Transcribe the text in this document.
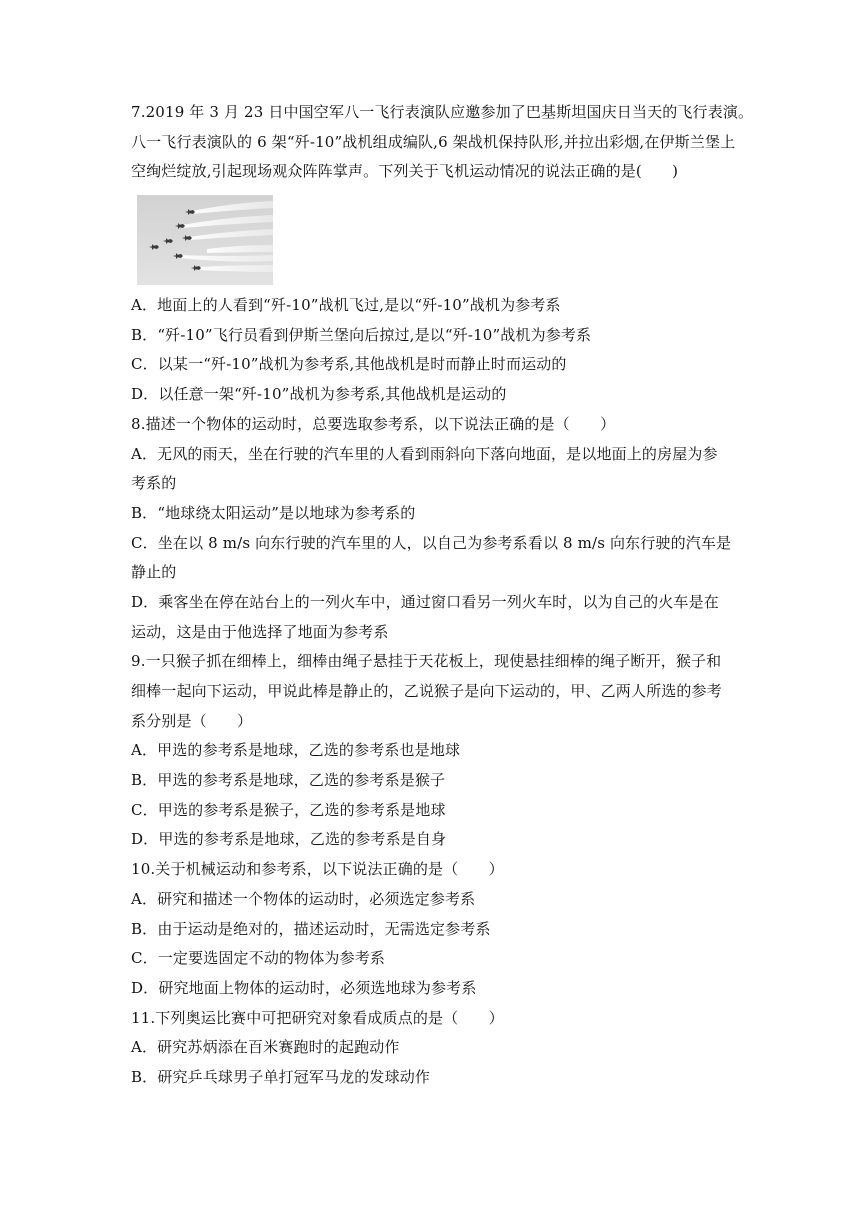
7.2019 年 3 月 23 日中国空军八一飞行表演队应邀参加了巴基斯坦国庆日当天的飞行表演。
八一飞行表演队的 6 架“歼-10”战机组成编队,6 架战机保持队形,并拉出彩烟,在伊斯兰堡上
空绚烂绽放,引起现场观众阵阵掌声。下列关于飞机运动情况的说法正确的是(　　)
A．地面上的人看到“歼-10”战机飞过,是以“歼-10”战机为参考系
B．“歼-10”飞行员看到伊斯兰堡向后掠过,是以“歼-10”战机为参考系
C．以某一“歼-10”战机为参考系,其他战机是时而静止时而运动的
D．以任意一架“歼-10”战机为参考系,其他战机是运动的
8.描述一个物体的运动时，总要选取参考系，以下说法正确的是（　　）
A．无风的雨天，坐在行驶的汽车里的人看到雨斜向下落向地面，是以地面上的房屋为参
考系的
B．“地球绕太阳运动”是以地球为参考系的
C．坐在以 8 m/s 向东行驶的汽车里的人，以自己为参考系看以 8 m/s 向东行驶的汽车是
静止的
D．乘客坐在停在站台上的一列火车中，通过窗口看另一列火车时，以为自己的火车是在
运动，这是由于他选择了地面为参考系
9.一只猴子抓在细棒上，细棒由绳子悬挂于天花板上，现使悬挂细棒的绳子断开，猴子和
细棒一起向下运动，甲说此棒是静止的，乙说猴子是向下运动的，甲、乙两人所选的参考
系分别是（　　）
A．甲选的参考系是地球，乙选的参考系也是地球
B．甲选的参考系是地球，乙选的参考系是猴子
C．甲选的参考系是猴子，乙选的参考系是地球
D．甲选的参考系是地球，乙选的参考系是自身
10.关于机械运动和参考系，以下说法正确的是（　　）
A．研究和描述一个物体的运动时，必须选定参考系
B．由于运动是绝对的，描述运动时，无需选定参考系
C．一定要选固定不动的物体为参考系
D．研究地面上物体的运动时，必须选地球为参考系
11.下列奥运比赛中可把研究对象看成质点的是（　　）
A．研究苏炳添在百米赛跑时的起跑动作
B．研究乒乓球男子单打冠军马龙的发球动作
